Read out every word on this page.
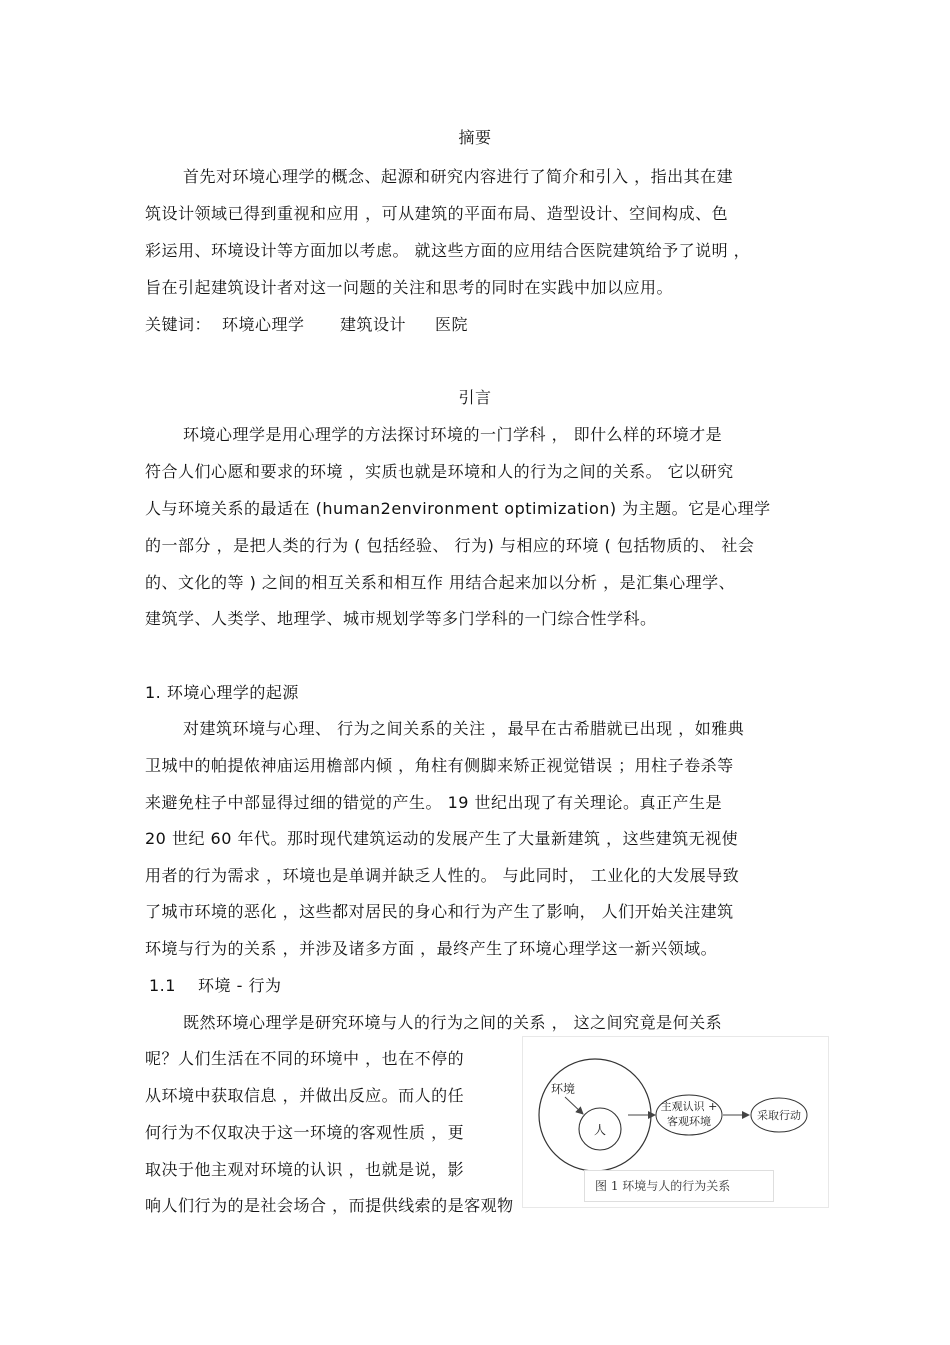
摘要
首先对环境心理学的概念、起源和研究内容进行了简介和引入 ，指出其在建
筑设计领域已得到重视和应用 ，可从建筑的平面布局、造型设计、空间构成、色
彩运用、环境设计等方面加以考虑。 就这些方面的应用结合医院建筑给予了说明 ，
旨在引起建筑设计者对这一问题的关注和思考的同时在实践中加以应用。
关键词： 环境心理学 建筑设计 医院
引言
环境心理学是用心理学的方法探讨环境的一门学科 ， 即什么样的环境才是
符合人们心愿和要求的环境 ，实质也就是环境和人的行为之间的关系。 它以研究
人与环境关系的最适在 (human2environment optimization) 为主题。它是心理学
的一部分 ，是把人类的行为 ( 包括经验、 行为) 与相应的环境 ( 包括物质的、 社会
的、文化的等 ) 之间的相互关系和相互作 用结合起来加以分析 ，是汇集心理学、
建筑学、人类学、地理学、城市规划学等多门学科的一门综合性学科。
1. 环境心理学的起源
对建筑环境与心理、 行为之间关系的关注 ，最早在古希腊就已出现 ，如雅典
卫城中的帕提侬神庙运用檐部内倾 ，角柱有侧脚来矫正视觉错误 ；用柱子卷杀等
来避免柱子中部显得过细的错觉的产生。 19 世纪出现了有关理论。真正产生是
20 世纪 60 年代。那时现代建筑运动的发展产生了大量新建筑 ，这些建筑无视使
用者的行为需求 ，环境也是单调并缺乏人性的。 与此同时， 工业化的大发展导致
了城市环境的恶化 ，这些都对居民的身心和行为产生了影响， 人们开始关注建筑
环境与行为的关系 ，并涉及诸多方面 ，最终产生了环境心理学这一新兴领域。
1.1　 环境 - 行为
既然环境心理学是研究环境与人的行为之间的关系 ， 这之间究竟是何关系
呢？人们生活在不同的环境中 ，也在不停的
从环境中获取信息 ，并做出反应。而人的任
何行为不仅取决于这一环境的客观性质 ，更
取决于他主观对环境的认识 ，也就是说，影
响人们行为的是社会场合 ，而提供线索的是客观物
环境
人
主观认识 +
客观环境	采取行动
图 1 环境与人的行为关系
